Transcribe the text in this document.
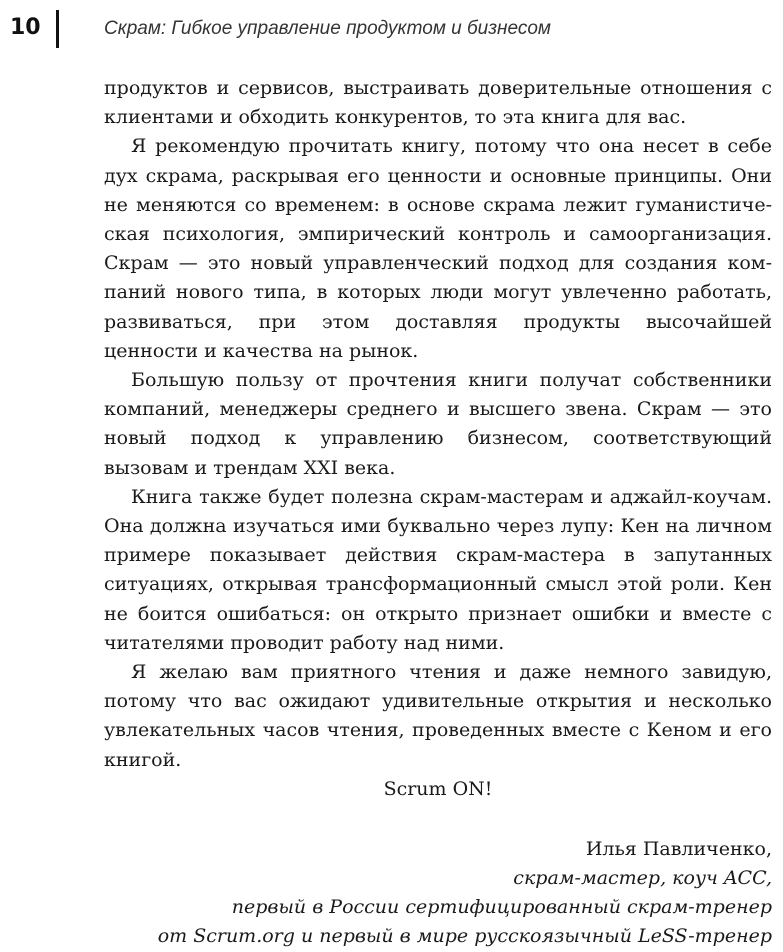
10	Скрам: Гибкое управление продуктом и бизнесом

продуктов и сервисов, выстраивать доверительные отношения с клиентами и обходить конкурентов, то эта книга для вас.

Я рекомендую прочитать книгу, потому что она несет в себе дух скрама, раскрывая его ценности и основные принципы. Они не меняются со временем: в основе скрама лежит гуманистическая психология, эмпирический контроль и самоорганизация. Скрам — это новый управленческий подход для создания компаний нового типа, в которых люди могут увлеченно работать, развиваться, при этом доставляя продукты высочайшей ценности и качества на рынок.

Большую пользу от прочтения книги получат собственники компаний, менеджеры среднего и высшего звена. Скрам — это новый подход к управлению бизнесом, соответствующий вызовам и трендам XXI века.

Книга также будет полезна скрам-мастерам и аджайл-коучам. Она должна изучаться ими буквально через лупу: Кен на личном примере показывает действия скрам-мастера в запутанных ситуациях, открывая трансформационный смысл этой роли. Кен не боится ошибаться: он открыто признает ошибки и вместе с читателями проводит работу над ними.

Я желаю вам приятного чтения и даже немного завидую, потому что вас ожидают удивительные открытия и несколько увлекательных часов чтения, проведенных вместе с Кеном и его книгой.

Scrum ON!
Илья Павличенко,
скрам-мастер, коуч ACC,
первый в России сертифицированный скрам-тренер
от Scrum.org и первый в мире русскоязычный LeSS-тренер
